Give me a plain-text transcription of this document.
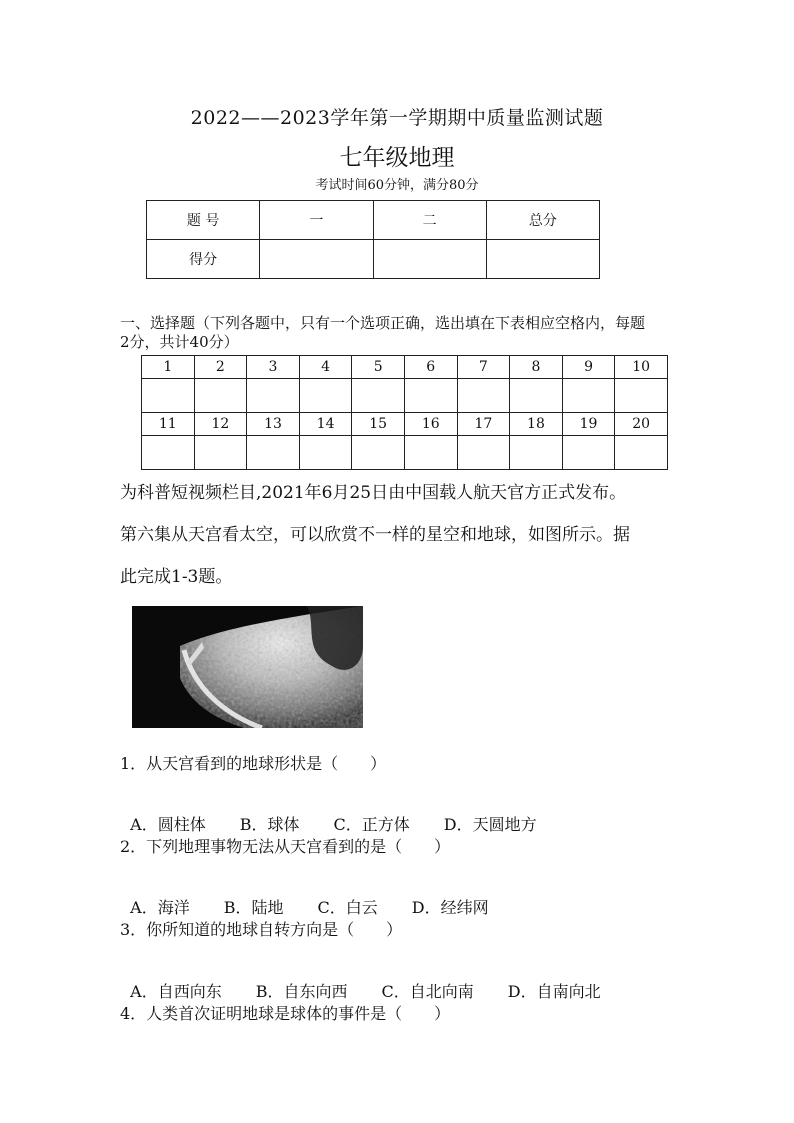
2022——2023学年第一学期期中质量监测试题
七年级地理
考试时间60分钟，满分80分
题 号	一	二	总分
得分			
一、选择题（下列各题中，只有一个选项正确，选出填在下表相应空格内，每题
2分，共计40分）
1	2	3	4	5	6	7	8	9	10

11	12	13	14	15	16	17	18	19	20

为科普短视频栏目,2021年6月25日由中国载人航天官方正式发布。
第六集从天宫看太空，可以欣赏不一样的星空和地球，如图所示。据
此完成1-3题。
1．从天宫看到的地球形状是（　　）

A．圆柱体 B．球体 C．正方体 D．天圆地方

2．下列地理事物无法从天宫看到的是（　　）

A．海洋 B．陆地 C．白云 D．经纬网

3．你所知道的地球自转方向是（　　）

A．自西向东 B．自东向西 C．自北向南 D．自南向北

4．人类首次证明地球是球体的事件是（　　）
